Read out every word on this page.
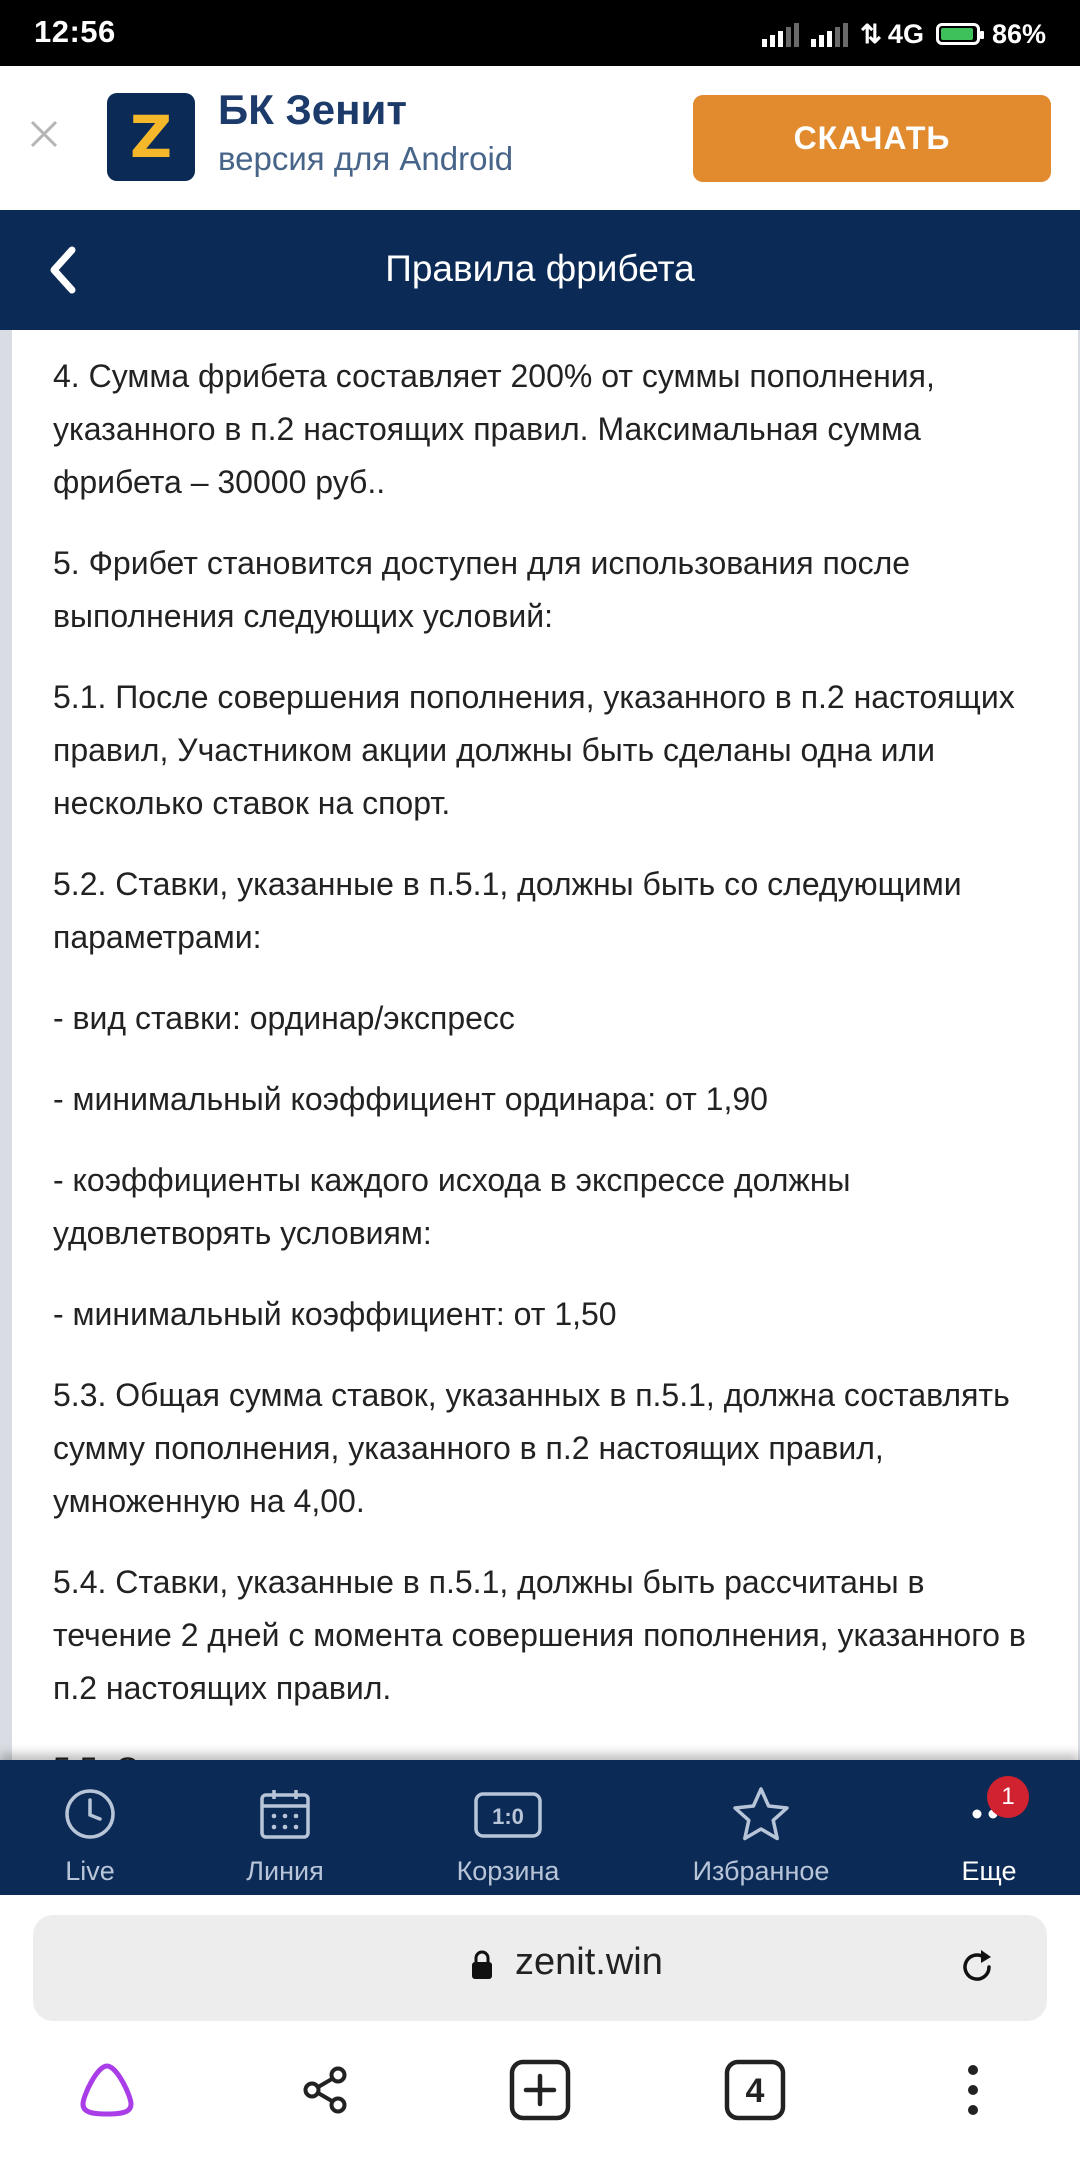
12:56	⇅ 4G	86%
Z БК Зенит
версия для Android
СКАЧАТЬ
Правила фрибета

4. Сумма фрибета составляет 200% от суммы пополнения, указанного в п.2 настоящих правил. Максимальная сумма фрибета – 30000 руб..

5. Фрибет становится доступен для использования после выполнения следующих условий:

5.1. После совершения пополнения, указанного в п.2 настоящих правил, Участником акции должны быть сделаны одна или несколько ставок на спорт.

5.2. Ставки, указанные в п.5.1, должны быть со следующими параметрами:

- вид ставки: ординар/экспресс

- минимальный коэффициент ординара: от 1,90

- коэффициенты каждого исхода в экспрессе должны удовлетворять условиям:

- минимальный коэффициент: от 1,50

5.3. Общая сумма ставок, указанных в п.5.1, должна составлять сумму пополнения, указанного в п.2 настоящих правил, умноженную на 4,00.

5.4. Ставки, указанные в п.5.1, должны быть рассчитаны в течение 2 дней с момента совершения пополнения, указанного в п.2 настоящих правил.

Live	Линия
1:0
Корзина	Избранное	Еще
1
zenit.win
4
